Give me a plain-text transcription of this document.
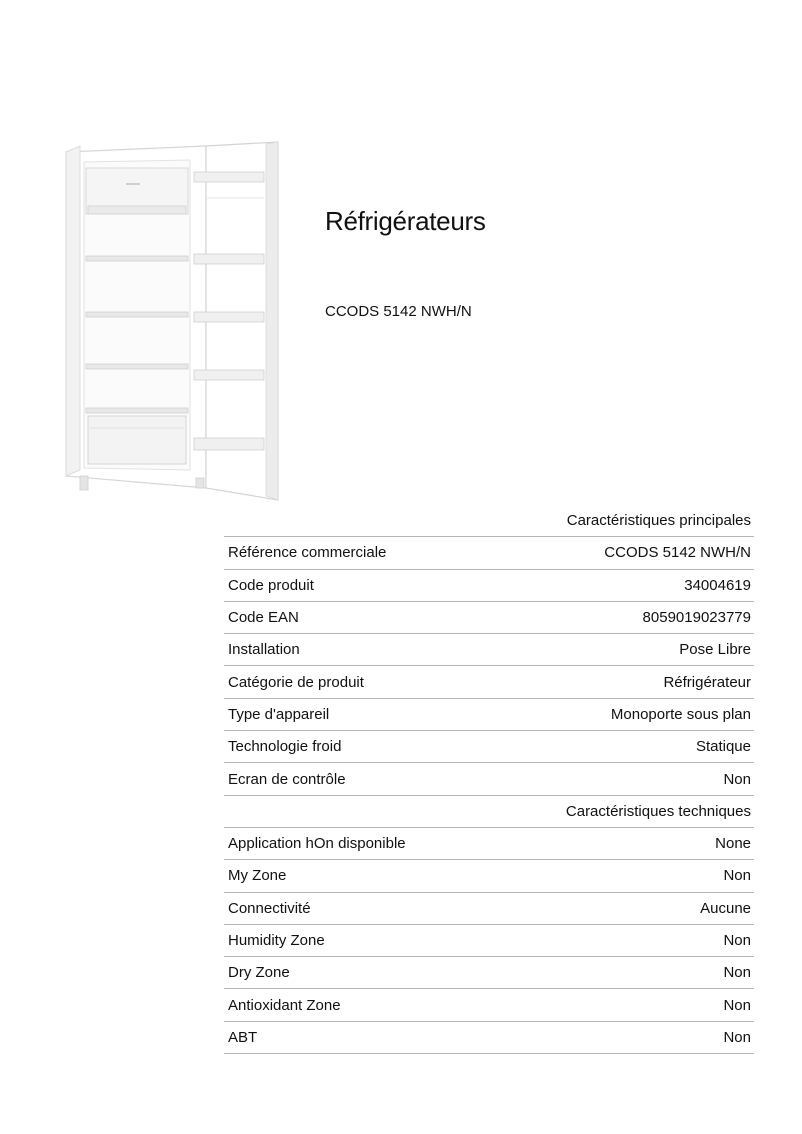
Réfrigérateurs
CCODS 5142 NWH/N
Caractéristiques principales
Référence commerciale	CCODS 5142 NWH/N
Code produit	34004619
Code EAN	8059019023779
Installation	Pose Libre
Catégorie de produit	Réfrigérateur
Type d'appareil	Monoporte sous plan
Technologie froid	Statique
Ecran de contrôle	Non
Caractéristiques techniques
Application hOn disponible	None
My Zone	Non
Connectivité	Aucune
Humidity Zone	Non
Dry Zone	Non
Antioxidant Zone	Non
ABT	Non
